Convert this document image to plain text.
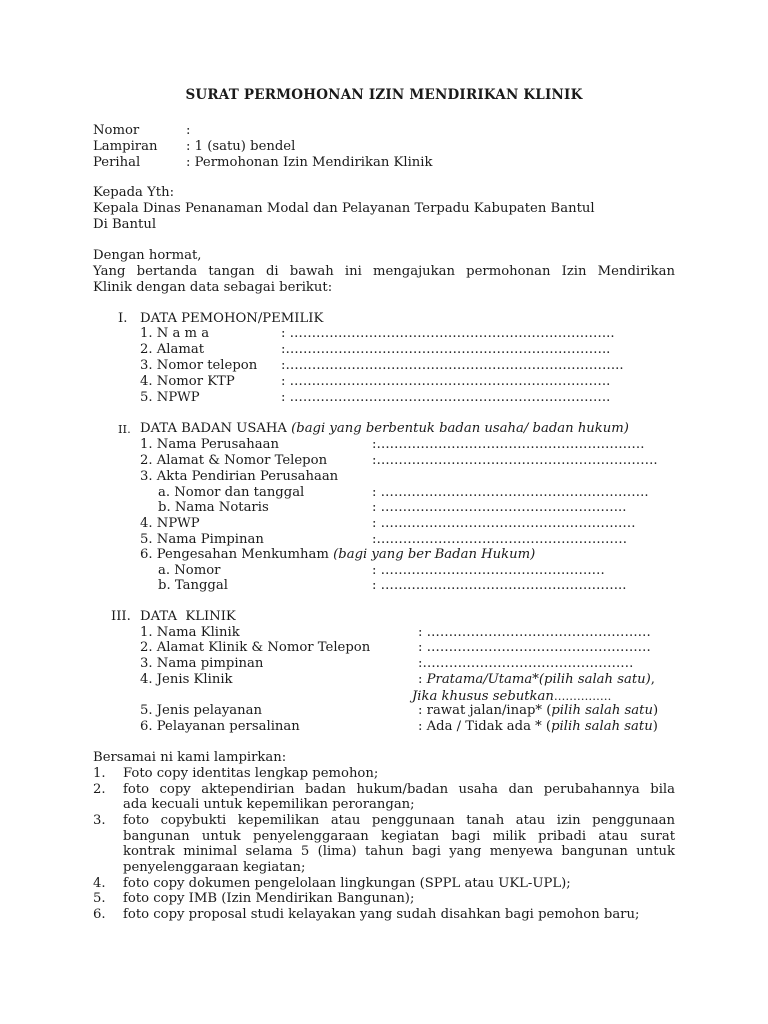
SURAT PERMOHONAN IZIN MENDIRIKAN KLINIK
Nomor	:
Lampiran : 1 (satu) bendel
Perihal	: Permohonan Izin Mendirikan Klinik
Kepada Yth:
Kepala Dinas Penanaman Modal dan Pelayanan Terpadu Kabupaten Bantul
Di Bantul
Dengan hormat,
Yang bertanda tangan di bawah ini mengajukan permohonan Izin Mendirikan
Klinik dengan data sebagai berikut:
I. DATA PEMOHON/PEMILIK
1. N a m a	: ………………………………………………………………..
2. Alamat	:………………………………………………………………..
3. Nomor telepon :…………………………………………………………………..
4. Nomor KTP	: ……………………………………………………………….
5. NPWP	: ……………………………………………………………….
II. DATA BADAN USAHA (bagi yang berbentuk badan usaha/ badan hukum)
1. Nama Perusahaan	:…………………………………………………….
2. Alamat & Nomor Telepon	:……………………………………………………….
3. Akta Pendirian Perusahaan
a. Nomor dan tanggal	: …………………………………………………….
b. Nama Notaris	: ………………………………………………..
4. NPWP	: ………………………………………………….
5. Nama Pimpinan	:…………………………………………………
6. Pengesahan Menkumham (bagi yang ber Badan Hukum)
a. Nomor	: ……………………………………………
b. Tanggal	: ………………………………………………..
III. DATA  KLINIK
1. Nama Klinik	: ……………………………………………
2. Alamat Klinik & Nomor Telepon	: ……………………………………………
3. Nama pimpinan	:…………………………………………
4. Jenis Klinik	: Pratama/Utama*(pilih salah satu),
Jika khusus sebutkan……………
5. Jenis pelayanan	: rawat jalan/inap* (pilih salah satu)
6. Pelayanan persalinan	: Ada / Tidak ada * (pilih salah satu)
Bersamai ni kami lampirkan:
1. Foto copy identitas lengkap pemohon;
2. foto copy aktependirian badan hukum/badan usaha dan perubahannya bila
ada kecuali untuk kepemilikan perorangan;
3. foto copybukti kepemilikan atau penggunaan tanah atau izin penggunaan
bangunan untuk penyelenggaraan kegiatan bagi milik pribadi atau surat
kontrak minimal selama 5 (lima) tahun bagi yang menyewa bangunan untuk
penyelenggaraan kegiatan;
4. foto copy dokumen pengelolaan lingkungan (SPPL atau UKL-UPL);
5. foto copy IMB (Izin Mendirikan Bangunan);
6. foto copy proposal studi kelayakan yang sudah disahkan bagi pemohon baru;
